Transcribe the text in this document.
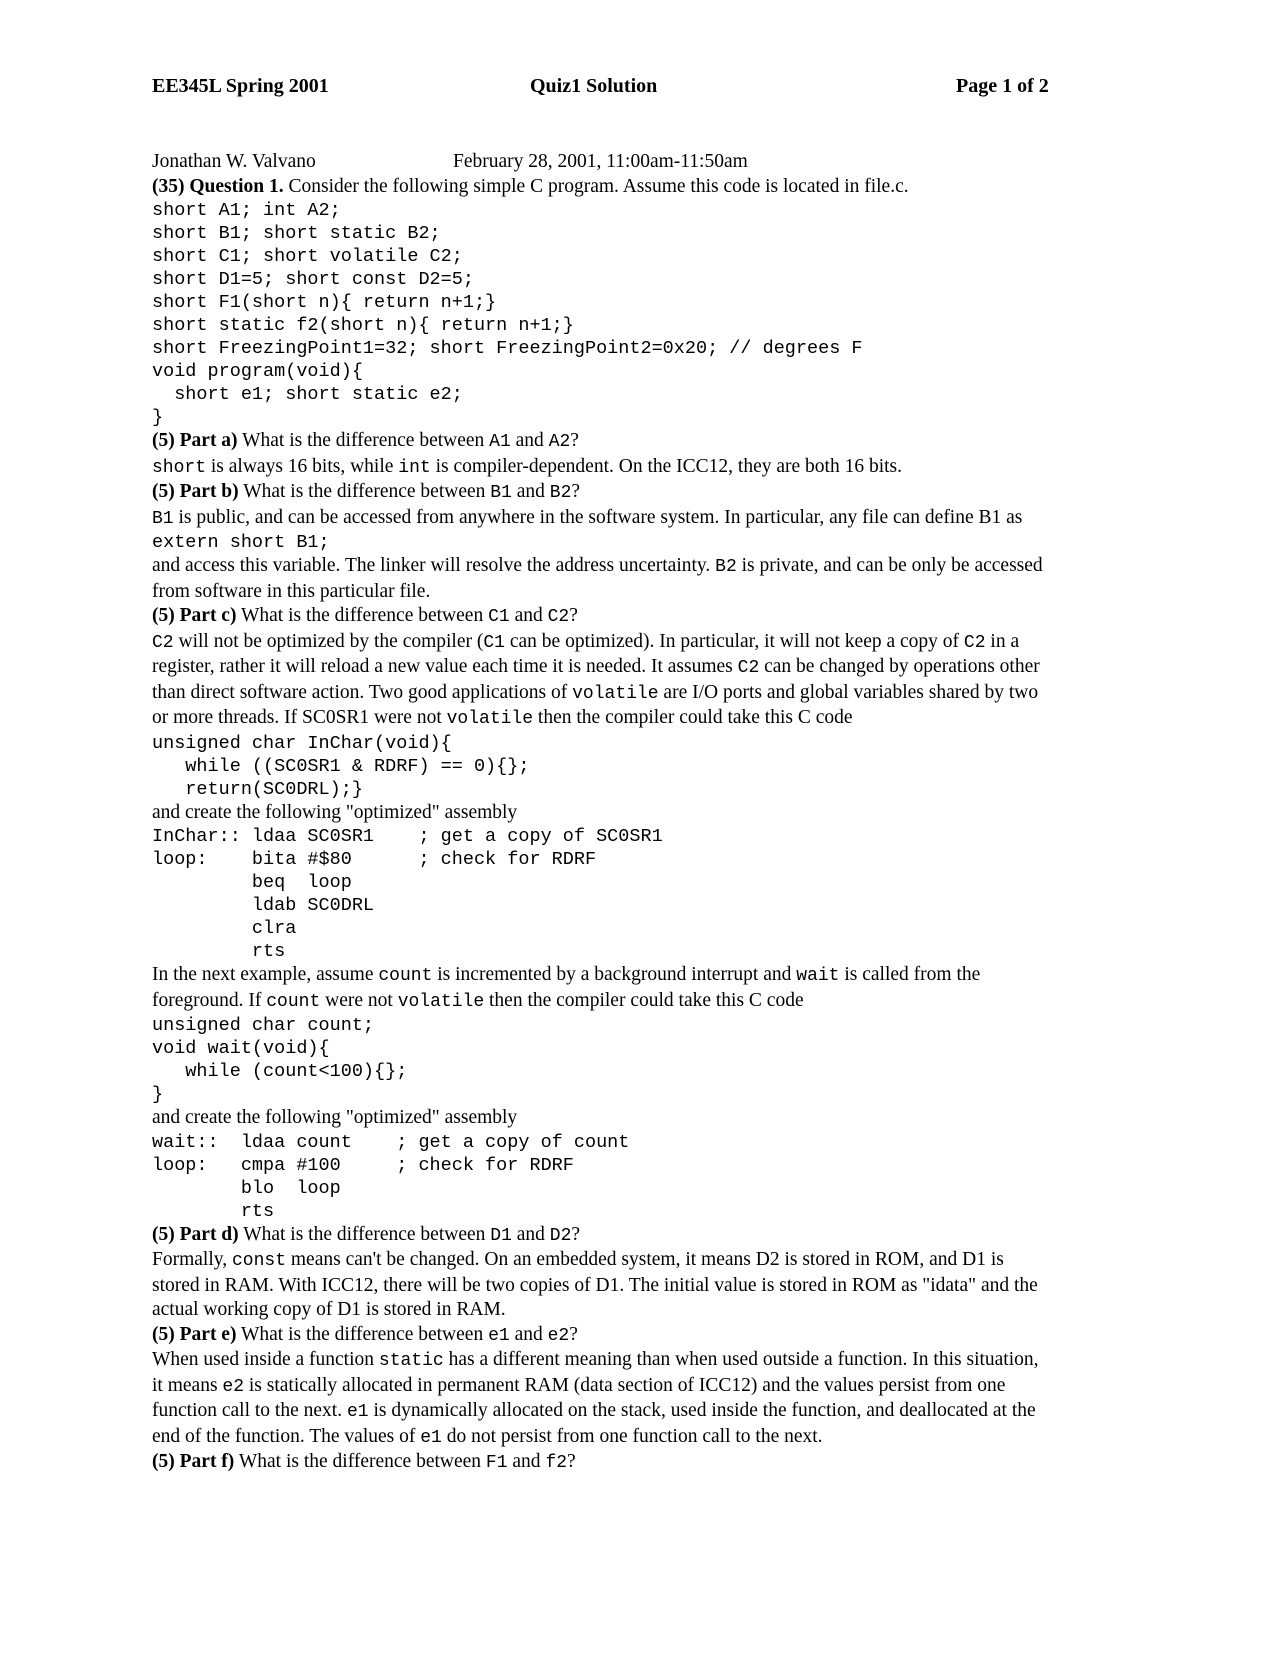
EE345L Spring 2001	Quiz1 Solution	Page 1 of 2
Jonathan W. Valvano	February 28, 2001, 11:00am-11:50am
(35) Question 1. Consider the following simple C program. Assume this code is located in file.c.
short A1; int A2;
short B1; short static B2;
short C1; short volatile C2;
short D1=5; short const D2=5;
short F1(short n){ return n+1;}
short static f2(short n){ return n+1;}
short FreezingPoint1=32; short FreezingPoint2=0x20; // degrees F
void program(void){
short e1; short static e2;
}
(5) Part a) What is the difference between A1 and A2?
short is always 16 bits, while int is compiler-dependent. On the ICC12, they are both 16 bits.
(5) Part b) What is the difference between B1 and B2?
B1 is public, and can be accessed from anywhere in the software system. In particular, any file can define B1 as
extern short B1;
and access this variable. The linker will resolve the address uncertainty. B2 is private, and can be only be accessed
from software in this particular file.
(5) Part c) What is the difference between C1 and C2?
C2 will not be optimized by the compiler (C1 can be optimized). In particular, it will not keep a copy of C2 in a
register, rather it will reload a new value each time it is needed. It assumes C2 can be changed by operations other
than direct software action. Two good applications of volatile are I/O ports and global variables shared by two
or more threads. If SC0SR1 were not volatile then the compiler could take this C code
unsigned char InChar(void){
while ((SC0SR1 & RDRF) == 0){};
return(SC0DRL);}
and create the following "optimized" assembly
InChar:: ldaa SC0SR1    ; get a copy of SC0SR1
loop:    bita #$80      ; check for RDRF
beq  loop
ldab SC0DRL
clra
rts
In the next example, assume count is incremented by a background interrupt and wait is called from the
foreground. If count were not volatile then the compiler could take this C code
unsigned char count;
void wait(void){
while (count<100){};
}
and create the following "optimized" assembly
wait::  ldaa count    ; get a copy of count
loop:   cmpa #100     ; check for RDRF
blo  loop
rts
(5) Part d) What is the difference between D1 and D2?
Formally, const means can't be changed. On an embedded system, it means D2 is stored in ROM, and D1 is
stored in RAM. With ICC12, there will be two copies of D1. The initial value is stored in ROM as "idata" and the
actual working copy of D1 is stored in RAM.
(5) Part e) What is the difference between e1 and e2?
When used inside a function static has a different meaning than when used outside a function. In this situation,
it means e2 is statically allocated in permanent RAM (data section of ICC12) and the values persist from one
function call to the next. e1 is dynamically allocated on the stack, used inside the function, and deallocated at the
end of the function. The values of e1 do not persist from one function call to the next.
(5) Part f) What is the difference between F1 and f2?
